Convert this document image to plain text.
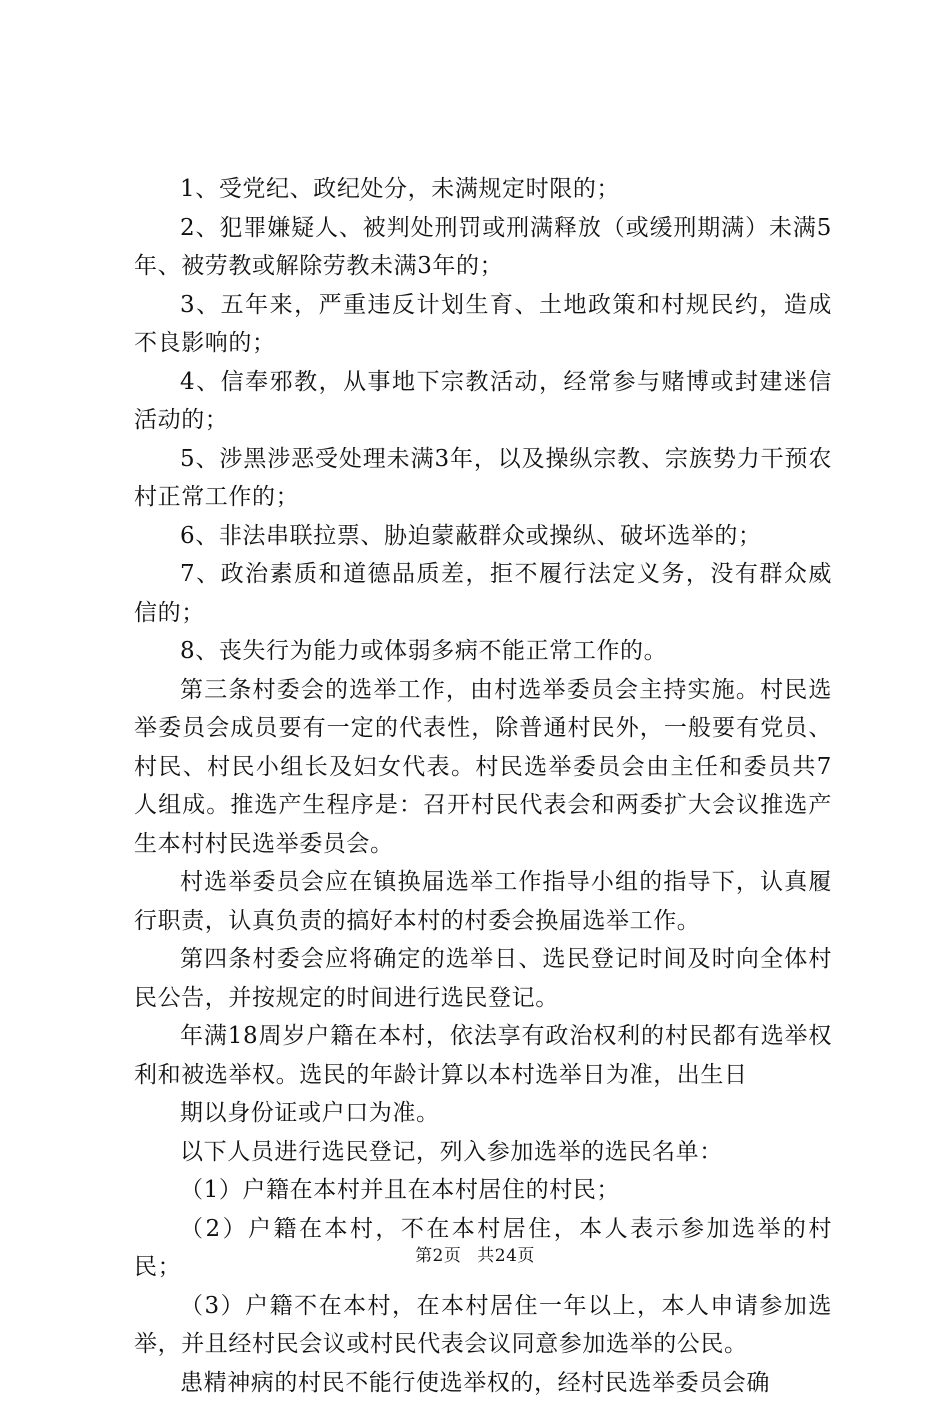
1、受党纪、政纪处分，未满规定时限的；

2、犯罪嫌疑人、被判处刑罚或刑满释放（或缓刑期满）未满5年、被劳教或解除劳教未满3年的；

3、五年来，严重违反计划生育、土地政策和村规民约，造成不良影响的；

4、信奉邪教，从事地下宗教活动，经常参与赌博或封建迷信活动的；

5、涉黑涉恶受处理未满3年，以及操纵宗教、宗族势力干预农村正常工作的；

6、非法串联拉票、胁迫蒙蔽群众或操纵、破坏选举的；

7、政治素质和道德品质差，拒不履行法定义务，没有群众威信的；

8、丧失行为能力或体弱多病不能正常工作的。

第三条村委会的选举工作，由村选举委员会主持实施。村民选举委员会成员要有一定的代表性，除普通村民外，一般要有党员、村民、村民小组长及妇女代表。村民选举委员会由主任和委员共7人组成。推选产生程序是：召开村民代表会和两委扩大会议推选产生本村村民选举委员会。

村选举委员会应在镇换届选举工作指导小组的指导下，认真履行职责，认真负责的搞好本村的村委会换届选举工作。

第四条村委会应将确定的选举日、选民登记时间及时向全体村民公告，并按规定的时间进行选民登记。

年满18周岁户籍在本村，依法享有政治权利的村民都有选举权利和被选举权。选民的年龄计算以本村选举日为准，出生日

期以身份证或户口为准。

以下人员进行选民登记，列入参加选举的选民名单：

（1）户籍在本村并且在本村居住的村民；

（2）户籍在本村，不在本村居住，本人表示参加选举的村民；

（3）户籍不在本村，在本村居住一年以上，本人申请参加选举，并且经村民会议或村民代表会议同意参加选举的公民。

患精神病的村民不能行使选举权的，经村民选举委员会确

第2页 共24页
